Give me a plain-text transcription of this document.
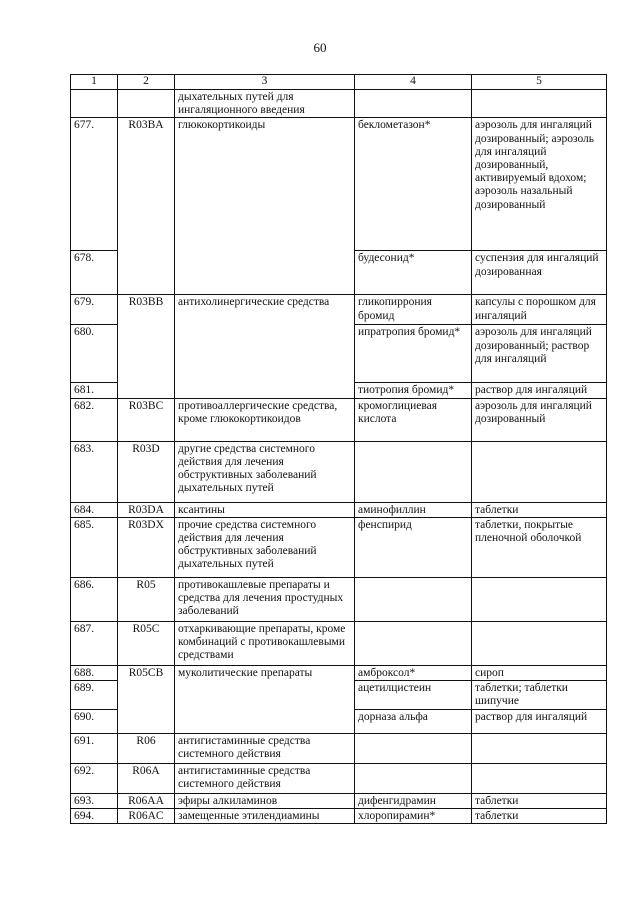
60
1	2	3	4	5
		дыхательных путей для ингаляционного введения		
677.	R03BA	глюкокортикоиды	беклометазон*	аэрозоль для ингаляций дозированный; аэрозоль для ингаляций дозированный, активируемый вдохом; аэрозоль назальный дозированный
678.			будесонид*	суспензия для ингаляций дозированная
679.	R03BB	антихолинергические средства	гликопиррония бромид	капсулы с порошком для ингаляций
680.			ипратропия бромид*	аэрозоль для ингаляций дозированный; раствор для ингаляций
681.			тиотропия бромид*	раствор для ингаляций
682.	R03BC	противоаллергические средства, кроме глюкокортикоидов	кромоглициевая кислота	аэрозоль для ингаляций дозированный
683.	R03D	другие средства системного действия для лечения обструктивных заболеваний дыхательных путей		
684.	R03DA	ксантины	аминофиллин	таблетки
685.	R03DX	прочие средства системного действия для лечения обструктивных заболеваний дыхательных путей	фенспирид	таблетки, покрытые пленочной оболочкой
686.	R05	противокашлевые препараты и средства для лечения простудных заболеваний		
687.	R05C	отхаркивающие препараты, кроме комбинаций с противокашлевыми средствами		
688.	R05CB	муколитические препараты	амброксол*	сироп
689.			ацетилцистеин	таблетки; таблетки шипучие
690.			дорназа альфа	раствор для ингаляций
691.	R06	антигистаминные средства системного действия		
692.	R06A	антигистаминные средства системного действия		
693.	R06AA	эфиры алкиламинов	дифенгидрамин	таблетки
694.	R06AC	замещенные этилендиамины	хлоропирамин*	таблетки
